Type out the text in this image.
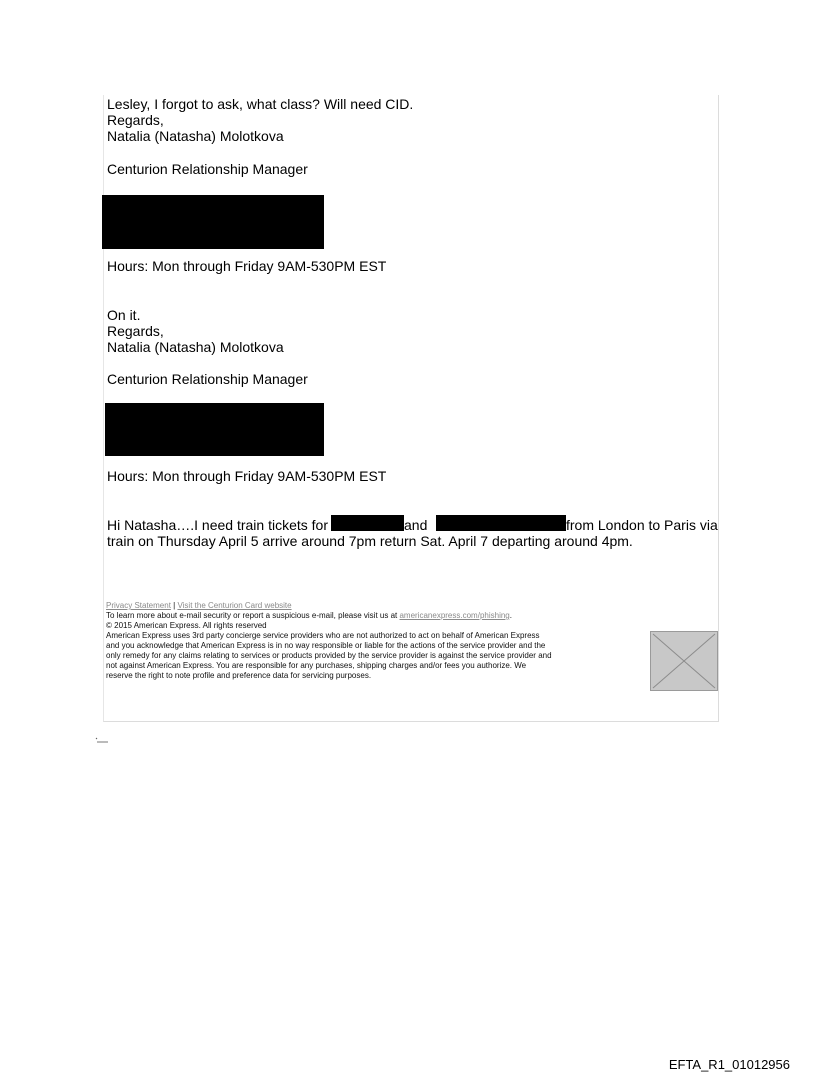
Lesley, I forgot to ask, what class? Will need CID.
Regards,
Natalia (Natasha) Molotkova
Centurion Relationship Manager
Hours: Mon through Friday 9AM-530PM EST
On it.
Regards,
Natalia (Natasha) Molotkova
Centurion Relationship Manager
Hours: Mon through Friday 9AM-530PM EST
Hi Natasha….I need train tickets for	and	from London to Paris via
train on Thursday April 5 arrive around 7pm return Sat. April 7 departing around 4pm.
Privacy Statement | Visit the Centurion Card website
To learn more about e-mail security or report a suspicious e-mail, please visit us at americanexpress.com/phishing.
© 2015 American Express. All rights reserved
American Express uses 3rd party concierge service providers who are not authorized to act on behalf of American Express
and you acknowledge that American Express is in no way responsible or liable for the actions of the service provider and the
only remedy for any claims relating to services or products provided by the service provider is against the service provider and
not against American Express. You are responsible for any purchases, shipping charges and/or fees you authorize. We
reserve the right to note profile and preference data for servicing purposes.
EFTA_R1_01012956
